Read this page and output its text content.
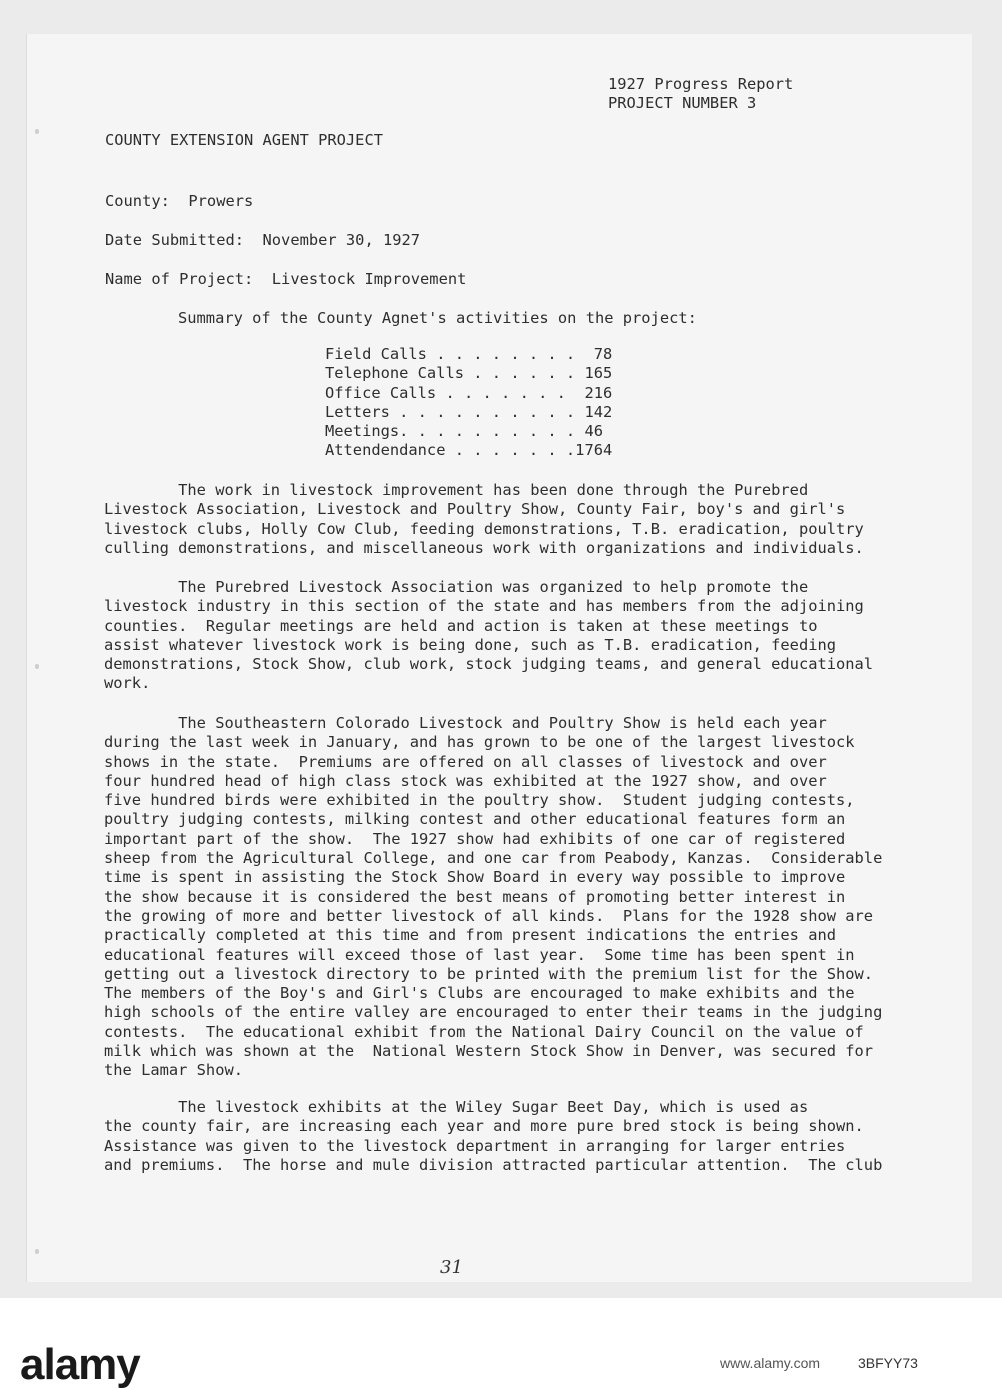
1927 Progress Report
PROJECT NUMBER 3
COUNTY EXTENSION AGENT PROJECT
County:  Prowers
Date Submitted:  November 30, 1927
Name of Project:  Livestock Improvement
Summary of the County Agnet's activities on the project:
Field Calls . . . . . . . .  78
Telephone Calls . . . . . . 165
Office Calls . . . . . . .  216
Letters . . . . . . . . . . 142
Meetings. . . . . . . . . . 46
Attendendance . . . . . . .1764
The work in livestock improvement has been done through the Purebred
Livestock Association, Livestock and Poultry Show, County Fair, boy's and girl's
livestock clubs, Holly Cow Club, feeding demonstrations, T.B. eradication, poultry
culling demonstrations, and miscellaneous work with organizations and individuals.
The Purebred Livestock Association was organized to help promote the
livestock industry in this section of the state and has members from the adjoining
counties.  Regular meetings are held and action is taken at these meetings to
assist whatever livestock work is being done, such as T.B. eradication, feeding
demonstrations, Stock Show, club work, stock judging teams, and general educational
work.
The Southeastern Colorado Livestock and Poultry Show is held each year
during the last week in January, and has grown to be one of the largest livestock
shows in the state.  Premiums are offered on all classes of livestock and over
four hundred head of high class stock was exhibited at the 1927 show, and over
five hundred birds were exhibited in the poultry show.  Student judging contests,
poultry judging contests, milking contest and other educational features form an
important part of the show.  The 1927 show had exhibits of one car of registered
sheep from the Agricultural College, and one car from Peabody, Kanzas.  Considerable
time is spent in assisting the Stock Show Board in every way possible to improve
the show because it is considered the best means of promoting better interest in
the growing of more and better livestock of all kinds.  Plans for the 1928 show are
practically completed at this time and from present indications the entries and
educational features will exceed those of last year.  Some time has been spent in
getting out a livestock directory to be printed with the premium list for the Show.
The members of the Boy's and Girl's Clubs are encouraged to make exhibits and the
high schools of the entire valley are encouraged to enter their teams in the judging
contests.  The educational exhibit from the National Dairy Council on the value of
milk which was shown at the  National Western Stock Show in Denver, was secured for
the Lamar Show.
The livestock exhibits at the Wiley Sugar Beet Day, which is used as
the county fair, are increasing each year and more pure bred stock is being shown.
Assistance was given to the livestock department in arranging for larger entries
and premiums.  The horse and mule division attracted particular attention.  The club
31
alamy	www.alamy.com	3BFYY73
